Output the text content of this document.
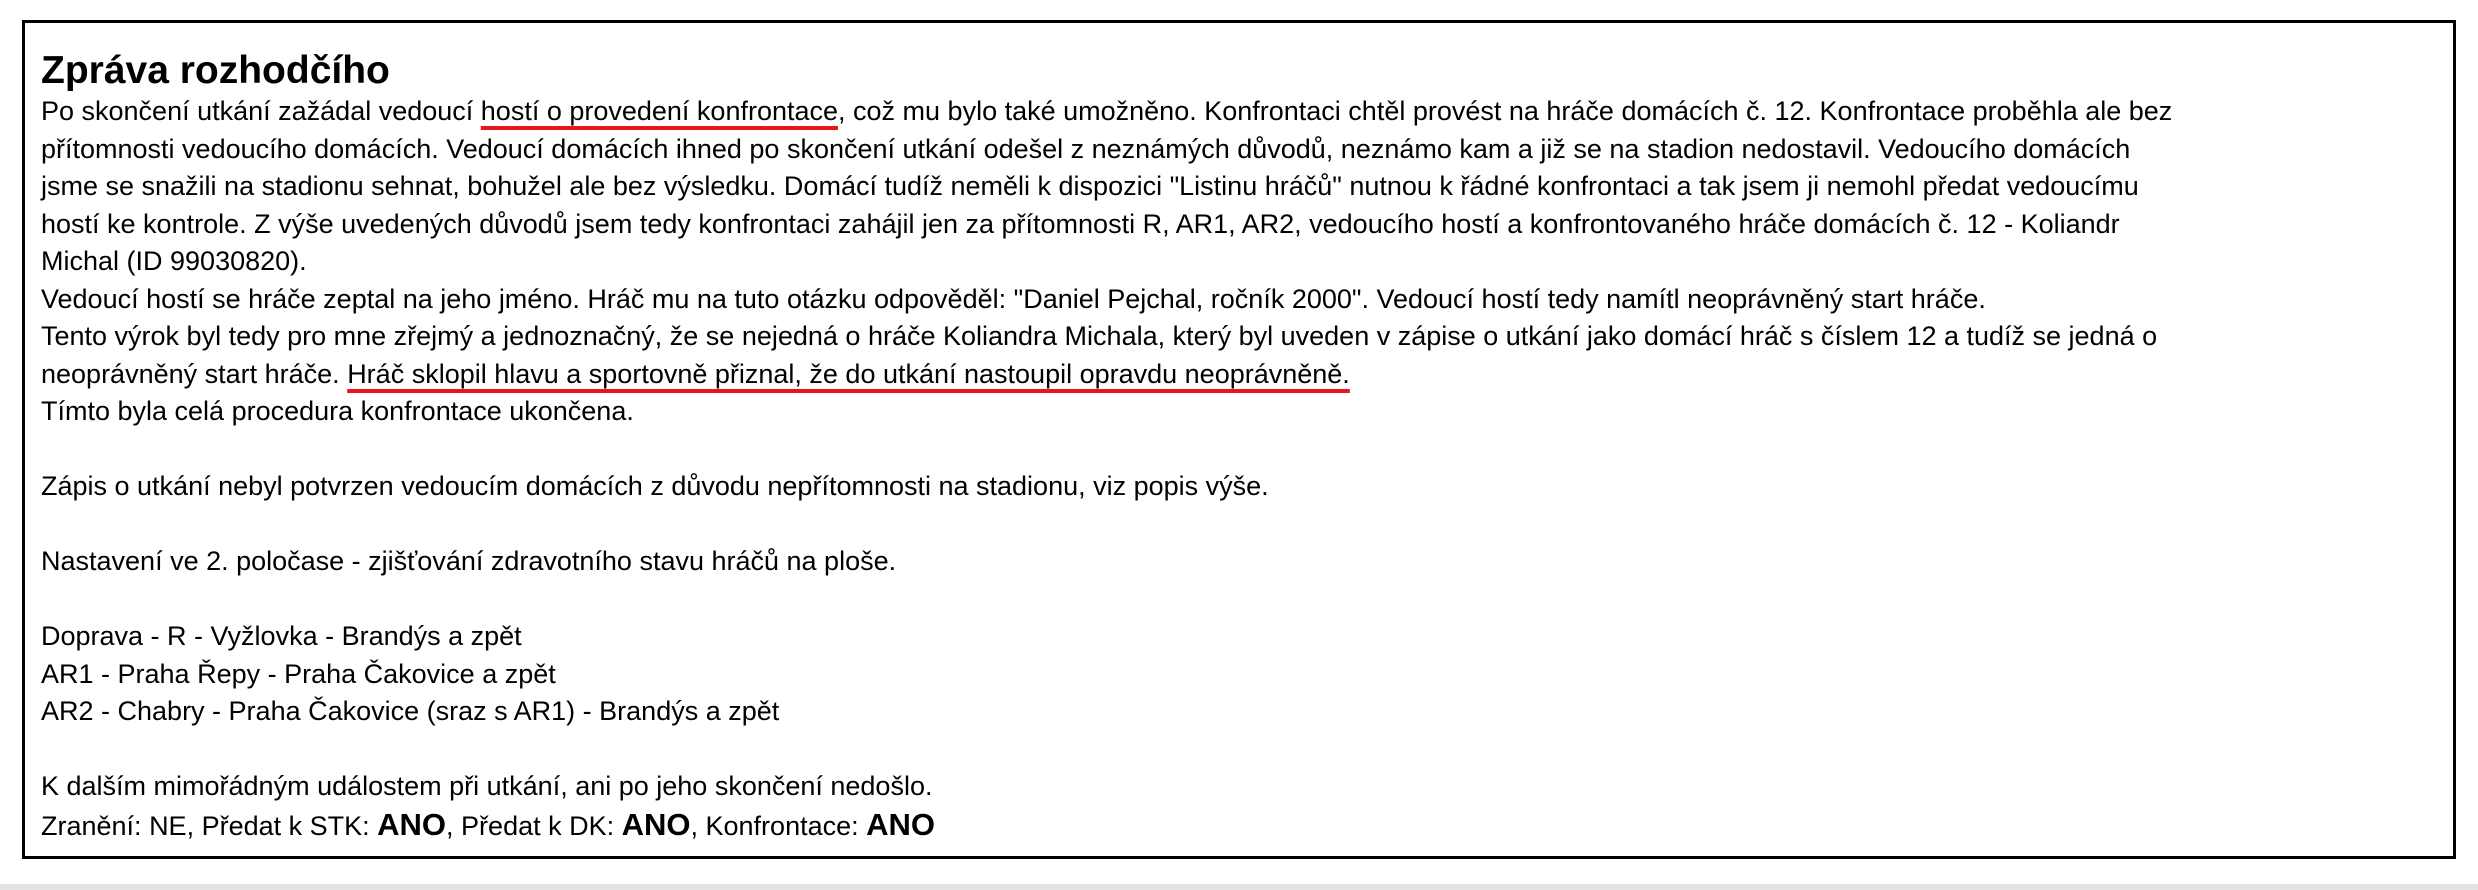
Zpráva rozhodčího
Po skončení utkání zažádal vedoucí hostí o provedení konfrontace, což mu bylo také umožněno. Konfrontaci chtěl provést na hráče domácích č. 12. Konfrontace proběhla ale bez
přítomnosti vedoucího domácích. Vedoucí domácích ihned po skončení utkání odešel z neznámých důvodů, neznámo kam a již se na stadion nedostavil. Vedoucího domácích
jsme se snažili na stadionu sehnat, bohužel ale bez výsledku. Domácí tudíž neměli k dispozici "Listinu hráčů" nutnou k řádné konfrontaci a tak jsem ji nemohl předat vedoucímu
hostí ke kontrole. Z výše uvedených důvodů jsem tedy konfrontaci zahájil jen za přítomnosti R, AR1, AR2, vedoucího hostí a konfrontovaného hráče domácích č. 12 - Koliandr
Michal (ID 99030820).
Vedoucí hostí se hráče zeptal na jeho jméno. Hráč mu na tuto otázku odpověděl: "Daniel Pejchal, ročník 2000". Vedoucí hostí tedy namítl neoprávněný start hráče.
Tento výrok byl tedy pro mne zřejmý a jednoznačný, že se nejedná o hráče Koliandra Michala, který byl uveden v zápise o utkání jako domácí hráč s číslem 12 a tudíž se jedná o
neoprávněný start hráče. Hráč sklopil hlavu a sportovně přiznal, že do utkání nastoupil opravdu neoprávněně.
Tímto byla celá procedura konfrontace ukončena.
Zápis o utkání nebyl potvrzen vedoucím domácích z důvodu nepřítomnosti na stadionu, viz popis výše.
Nastavení ve 2. poločase - zjišťování zdravotního stavu hráčů na ploše.
Doprava - R - Vyžlovka - Brandýs a zpět
AR1 - Praha Řepy - Praha Čakovice a zpět
AR2 - Chabry - Praha Čakovice (sraz s AR1) - Brandýs a zpět
K dalším mimořádným událostem při utkání, ani po jeho skončení nedošlo.
Zranění: NE, Předat k STK: ANO, Předat k DK: ANO, Konfrontace: ANO
